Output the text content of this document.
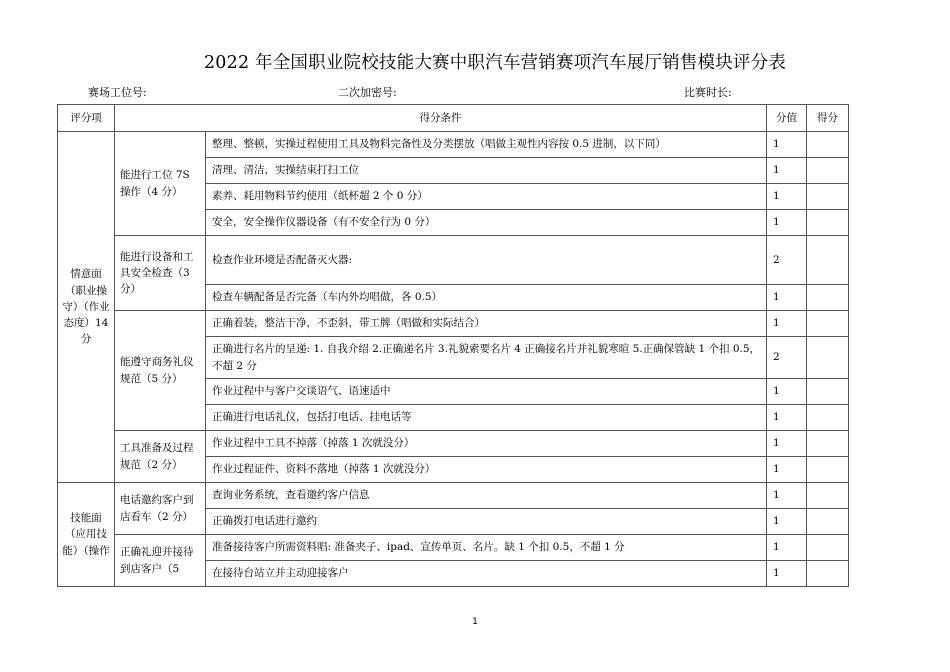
2022 年全国职业院校技能大赛中职汽车营销赛项汽车展厅销售模块评分表
赛场工位号:	二次加密号:	比赛时长:
评分项	得分条件		分值	得分
情意面（职业操守）（作业态度）14 分	能进行工位 7S 操作（4 分）	整理、整顿，实操过程使用工具及物料完备性及分类摆放（唱做主观性内容按 0.5 进制，以下同）	1	
		清理、清洁，实操结束打扫工位	1	
		素养、耗用物料节约使用（纸杯超 2 个 0 分）	1	
		安全，安全操作仪器设备（有不安全行为 0 分）	1	
	能进行设备和工具安全检查（3 分）	检查作业环境是否配备灭火器:	2	
		检查车辆配备是否完备（车内外均唱做，各 0.5）	1	
	能遵守商务礼仪规范（5 分）	正确着装，整洁干净，不歪斜，带工牌（唱做和实际结合）	1	
		正确进行名片的呈递: 1. 自我介绍 2.正确递名片 3.礼貌索要名片 4 正确接名片并礼貌寒暄 5.正确保管缺 1 个扣 0.5，不超 2 分	2	
		作业过程中与客户交谈语气、语速适中	1	
		正确进行电话礼仪，包括打电话、挂电话等	1	
	工具准备及过程规范（2 分）	作业过程中工具不掉落（掉落 1 次就没分）	1	
		作业过程证件、资料不落地（掉落 1 次就没分）	1	
技能面（应用技能）（操作	电话邀约客户到店看车（2 分）	查询业务系统，查看邀约客户信息	1	
		正确拨打电话进行邀约	1	
	正确礼迎并接待到店客户（5	准备接待客户所需资料唱: 准备夹子、ipad、宣传单页、名片。缺 1 个扣 0.5，不超 1 分	1	
		在接待台站立并主动迎接客户	1	
1
